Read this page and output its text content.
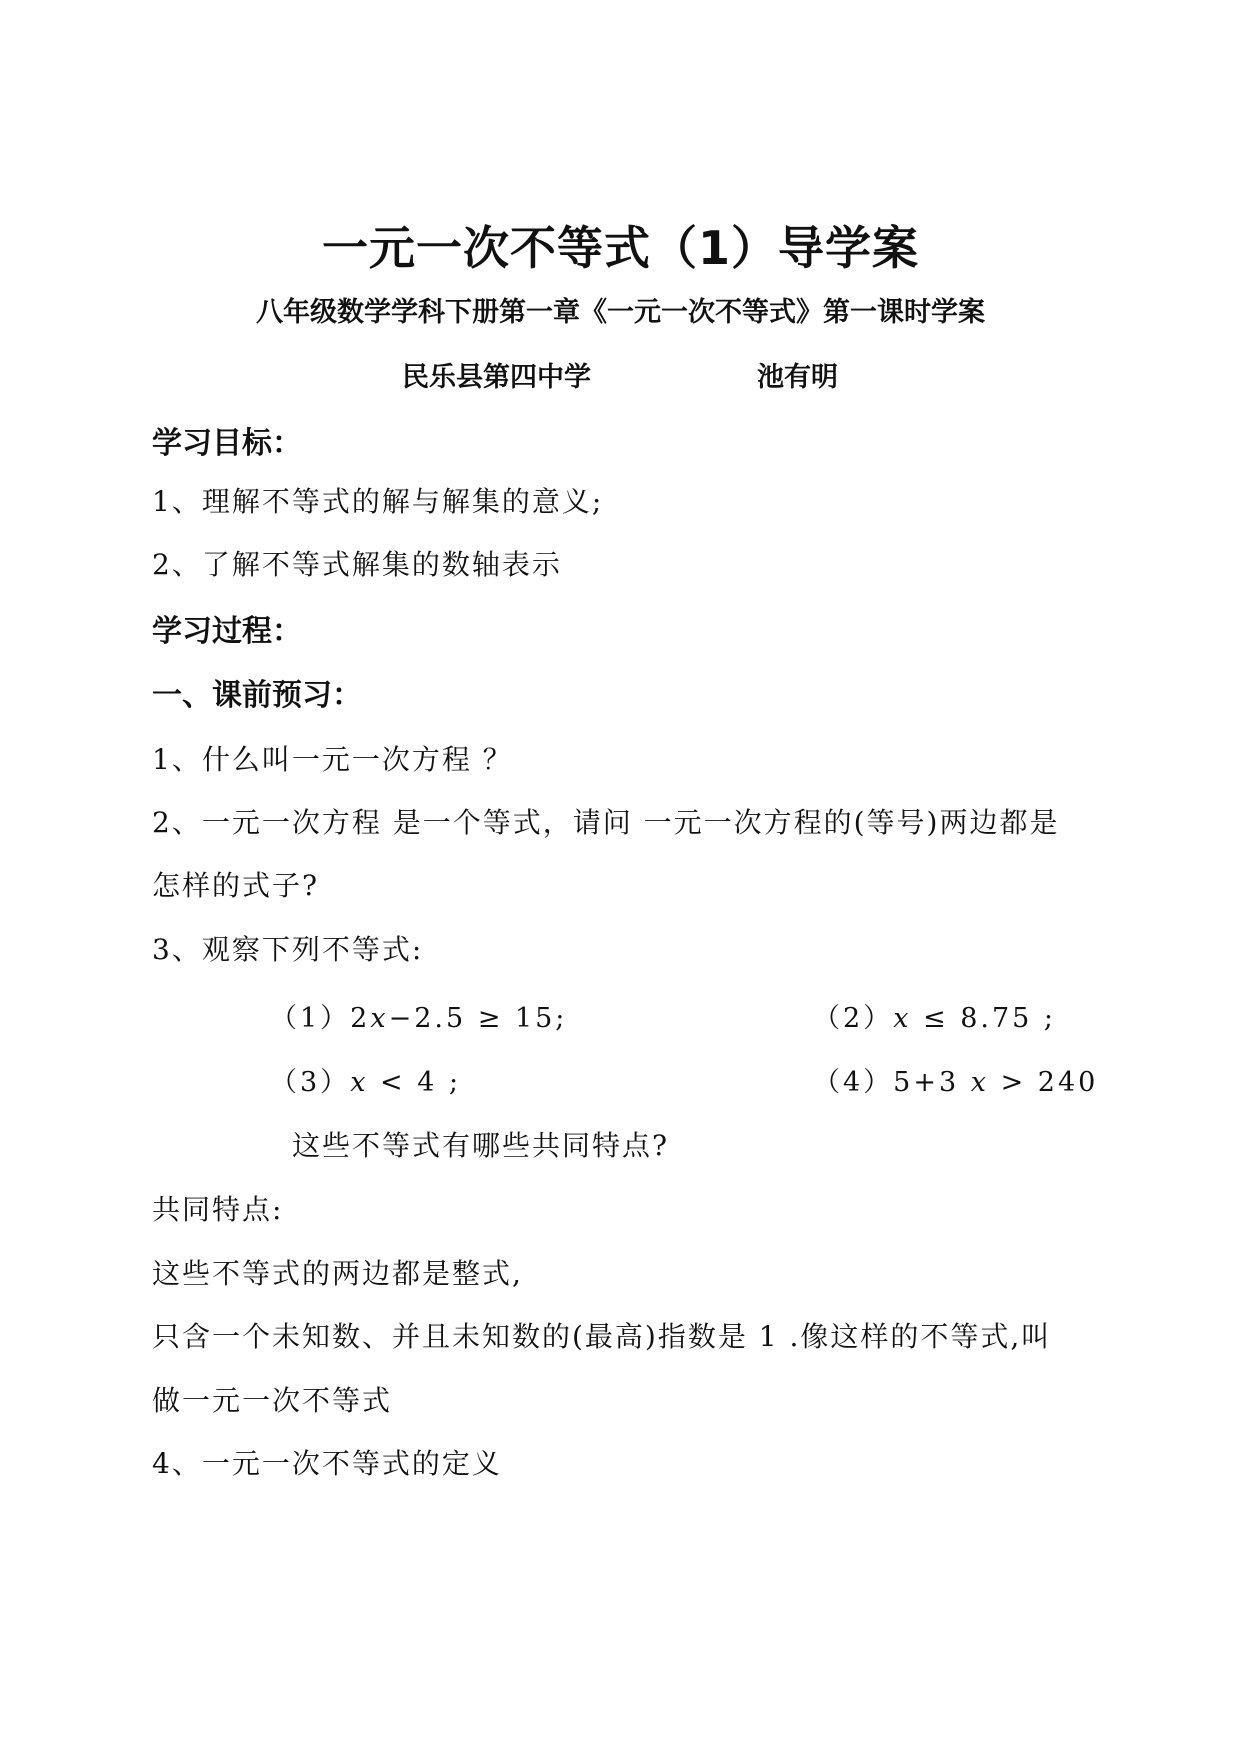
一元一次不等式（1）导学案
八年级数学学科下册第一章《一元一次不等式》第一课时学案
民乐县第四中学	池有明
学习目标：
1、理解不等式的解与解集的意义;
2、了解不等式解集的数轴表示
学习过程：
一、课前预习：
1、什么叫一元一次方程 ？
2、一元一次方程 是一个等式，请问 一元一次方程的(等号)两边都是
怎样的式子?
3、观察下列不等式:
（1）2x−2.5 ≥ 15;	（2）x ≤ 8.75 ;
（3）x < 4 ;	（4）5+3 x > 240
这些不等式有哪些共同特点?
共同特点:
这些不等式的两边都是整式,
只含一个未知数、并且未知数的(最高)指数是 1 .像这样的不等式,叫
做一元一次不等式
4、一元一次不等式的定义
